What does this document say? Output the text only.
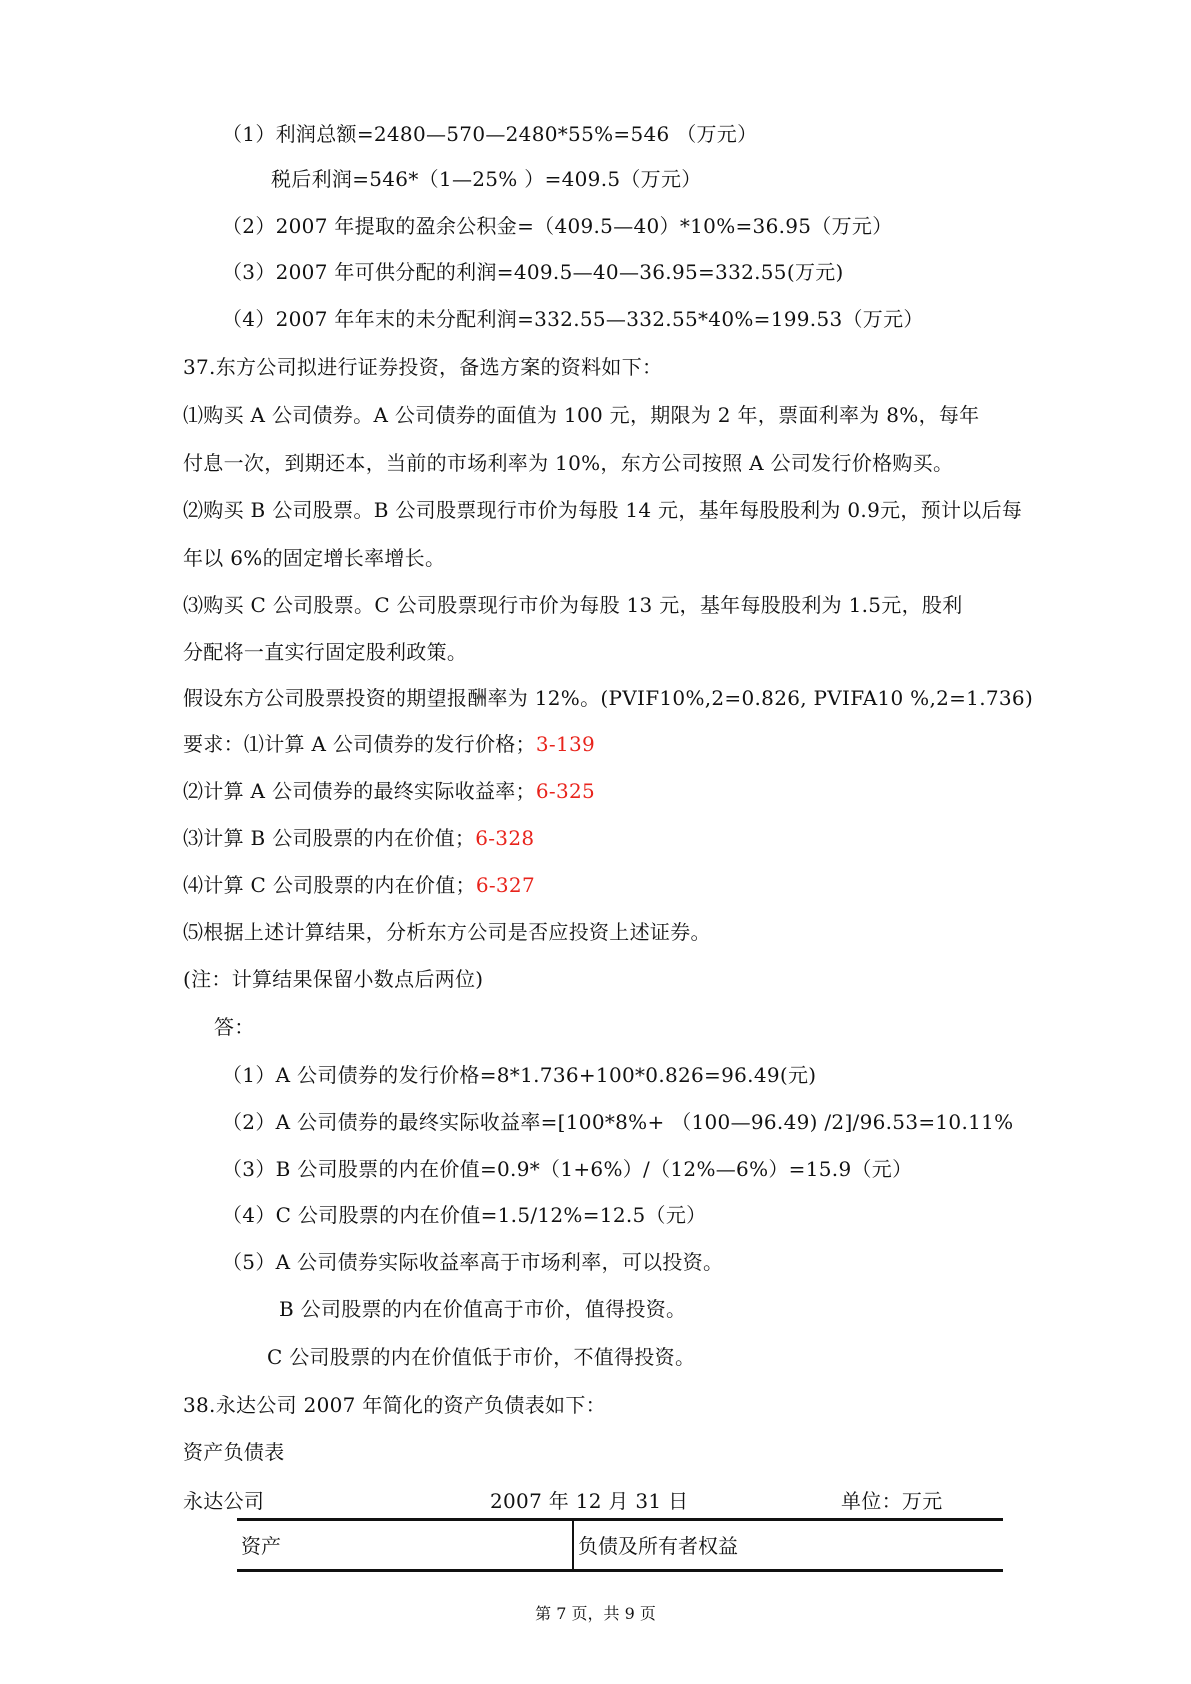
（1）利润总额=2480—570—2480*55%=546 （万元）
税后利润=546*（1—25% ）=409.5（万元）
（2）2007 年提取的盈余公积金=（409.5—40）*10%=36.95（万元）
（3）2007 年可供分配的利润=409.5—40—36.95=332.55(万元)
（4）2007 年年末的未分配利润=332.55—332.55*40%=199.53（万元）
37.东方公司拟进行证券投资，备选方案的资料如下：
⑴购买 A 公司债券。A 公司债券的面值为 100 元，期限为 2 年，票面利率为 8%，每年
付息一次，到期还本，当前的市场利率为 10%，东方公司按照 A 公司发行价格购买。
⑵购买 B 公司股票。B 公司股票现行市价为每股 14 元，基年每股股利为 0.9元，预计以后每
年以 6%的固定增长率增长。
⑶购买 C 公司股票。C 公司股票现行市价为每股 13 元，基年每股股利为 1.5元，股利
分配将一直实行固定股利政策。
假设东方公司股票投资的期望报酬率为 12%。(PVIF10%,2=0.826, PVIFA10 %,2=1.736)
要求：⑴计算 A 公司债券的发行价格；3-139
⑵计算 A 公司债券的最终实际收益率；6-325
⑶计算 B 公司股票的内在价值；6-328
⑷计算 C 公司股票的内在价值；6-327
⑸根据上述计算结果，分析东方公司是否应投资上述证券。
(注：计算结果保留小数点后两位)
答：
（1）A 公司债券的发行价格=8*1.736+100*0.826=96.49(元)
（2）A 公司债券的最终实际收益率=[100*8%+ （100—96.49) /2]/96.53=10.11%
（3）B 公司股票的内在价值=0.9*（1+6%）/（12%—6%）=15.9（元）
（4）C 公司股票的内在价值=1.5/12%=12.5（元）
（5）A 公司债券实际收益率高于市场利率，可以投资。
B 公司股票的内在价值高于市价，值得投资。
C 公司股票的内在价值低于市价，不值得投资。
38.永达公司 2007 年简化的资产负债表如下：
资产负债表
永达公司	2007 年 12 月 31 日	单位：万元
资产	负债及所有者权益
第 7 页，共 9 页
